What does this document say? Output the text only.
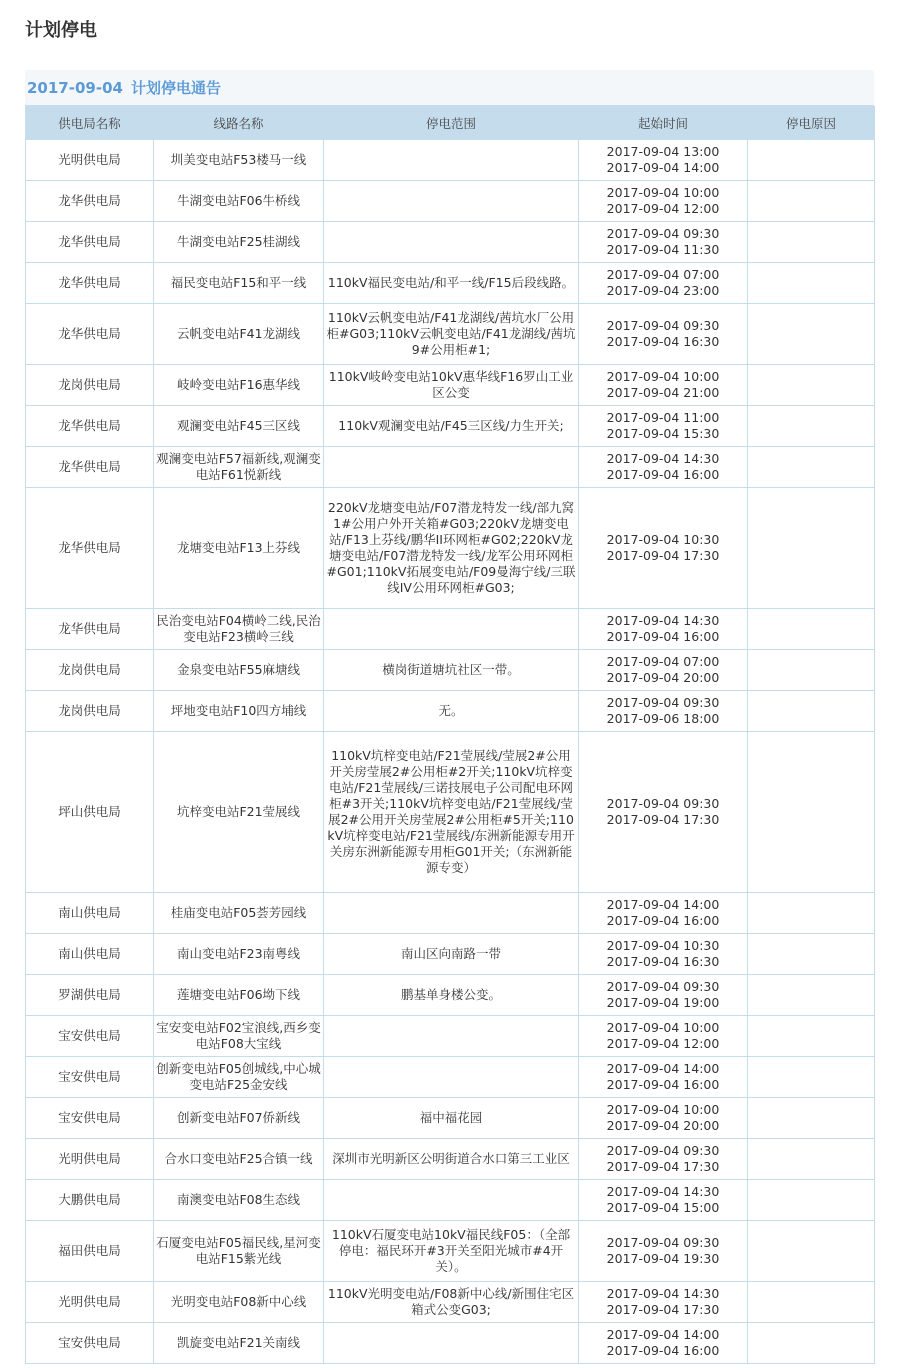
计划停电
2017-09-04 计划停电通告
供电局名称	线路名称	停电范围	起始时间	停电原因
光明供电局	圳美变电站F53楼马一线		2017-09-04 13:00
2017-09-04 14:00	

龙华供电局	牛湖变电站F06牛桥线		2017-09-04 10:00
2017-09-04 12:00	

龙华供电局	牛湖变电站F25桂湖线		2017-09-04 09:30
2017-09-04 11:30	

龙华供电局	福民变电站F15和平一线	110kV福民变电站/和平一线/F15后段线路。	2017-09-04 07:00
2017-09-04 23:00	

龙华供电局	云帆变电站F41龙湖线	110kV云帆变电站/F41龙湖线/茜坑水厂公用柜#G03;110kV云帆变电站/F41龙湖线/茜坑9#公用柜#1;	2017-09-04 09:30
2017-09-04 16:30	

龙岗供电局	岐岭变电站F16惠华线	110kV岐岭变电站10kV惠华线F16罗山工业区公变	2017-09-04 10:00
2017-09-04 21:00	

龙华供电局	观澜变电站F45三区线	110kV观澜变电站/F45三区线/力生开关;	2017-09-04 11:00
2017-09-04 15:30	

龙华供电局	观澜变电站F57福新线,观澜变电站F61悦新线		2017-09-04 14:30
2017-09-04 16:00	

龙华供电局	龙塘变电站F13上芬线	220kV龙塘变电站/F07潜龙特发一线/部九窝1#公用户外开关箱#G03;220kV龙塘变电站/F13上芬线/鹏华II环网柜#G02;220kV龙塘变电站/F07潜龙特发一线/龙军公用环网柜#G01;110kV拓展变电站/F09曼海宁线/三联线IV公用环网柜#G03;	2017-09-04 10:30
2017-09-04 17:30	

龙华供电局	民治变电站F04横岭二线,民治变电站F23横岭三线		2017-09-04 14:30
2017-09-04 16:00	

龙岗供电局	金泉变电站F55麻塘线	横岗街道塘坑社区一带。	2017-09-04 07:00
2017-09-04 20:00	

龙岗供电局	坪地变电站F10四方埔线	无。	2017-09-04 09:30
2017-09-06 18:00	

坪山供电局	坑梓变电站F21莹展线	110kV坑梓变电站/F21莹展线/莹展2#公用开关房莹展2#公用柜#2开关;110kV坑梓变电站/F21莹展线/三诺技展电子公司配电环网柜#3开关;110kV坑梓变电站/F21莹展线/莹展2#公用开关房莹展2#公用柜#5开关;110kV坑梓变电站/F21莹展线/东洲新能源专用开关房东洲新能源专用柜G01开关;（东洲新能源专变）	2017-09-04 09:30
2017-09-04 17:30	

南山供电局	桂庙变电站F05荟芳园线		2017-09-04 14:00
2017-09-04 16:00	

南山供电局	南山变电站F23南粤线	南山区向南路一带	2017-09-04 10:30
2017-09-04 16:30	

罗湖供电局	莲塘变电站F06坳下线	鹏基单身楼公变。	2017-09-04 09:30
2017-09-04 19:00	

宝安供电局	宝安变电站F02宝浪线,西乡变电站F08大宝线		2017-09-04 10:00
2017-09-04 12:00	

宝安供电局	创新变电站F05创城线,中心城变电站F25金安线		2017-09-04 14:00
2017-09-04 16:00	

宝安供电局	创新变电站F07侨新线	福中福花园	2017-09-04 10:00
2017-09-04 20:00	

光明供电局	合水口变电站F25合镇一线	深圳市光明新区公明街道合水口第三工业区	2017-09-04 09:30
2017-09-04 17:30	

大鹏供电局	南澳变电站F08生态线		2017-09-04 14:30
2017-09-04 15:00	

福田供电局	石厦变电站F05福民线,星河变电站F15紫光线	110kV石厦变电站10kV福民线F05：（全部停电：福民环开#3开关至阳光城市#4开关）。	2017-09-04 09:30
2017-09-04 19:30	

光明供电局	光明变电站F08新中心线	110kV光明变电站/F08新中心线/新围住宅区箱式公变G03;	2017-09-04 14:30
2017-09-04 17:30	

宝安供电局	凯旋变电站F21关南线		2017-09-04 14:00
2017-09-04 16:00	
